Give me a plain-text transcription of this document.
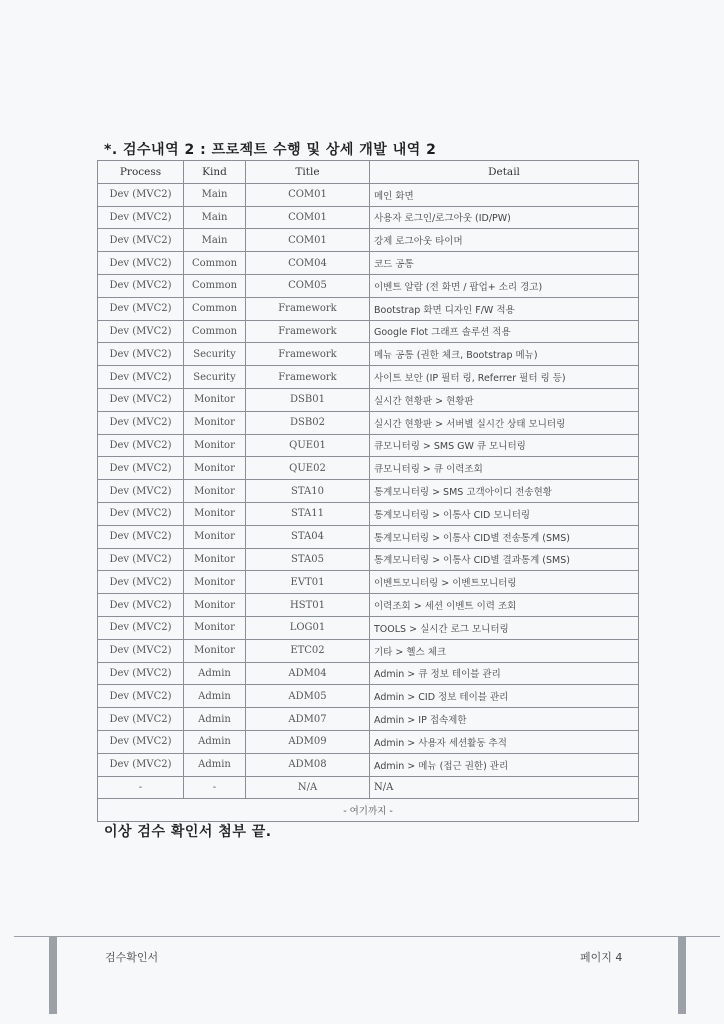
*. 검수내역 2 : 프로젝트 수행 및 상세 개발 내역 2
Process	Kind	Title	Detail
Dev (MVC2)	Main	COM01	메인 화면
Dev (MVC2)	Main	COM01	사용자 로그인/로그아웃 (ID/PW)
Dev (MVC2)	Main	COM01	강제 로그아웃 타이머
Dev (MVC2)	Common	COM04	코드 공통
Dev (MVC2)	Common	COM05	이벤트 알람 (전 화면 / 팝업+ 소리 경고)
Dev (MVC2)	Common	Framework	Bootstrap 화면 디자인 F/W 적용
Dev (MVC2)	Common	Framework	Google Flot 그래프 솔루션 적용
Dev (MVC2)	Security	Framework	메뉴 공통 (권한 체크, Bootstrap 메뉴)
Dev (MVC2)	Security	Framework	사이트 보안 (IP 필터 링, Referrer 필터 링 등)
Dev (MVC2)	Monitor	DSB01	실시간 현황판 > 현황판
Dev (MVC2)	Monitor	DSB02	실시간 현황판 > 서버별 실시간 상태 모니터링
Dev (MVC2)	Monitor	QUE01	큐모니터링 > SMS GW 큐 모니터링
Dev (MVC2)	Monitor	QUE02	큐모니터링 > 큐 이력조회
Dev (MVC2)	Monitor	STA10	통계모니터링 > SMS 고객아이디 전송현황
Dev (MVC2)	Monitor	STA11	통계모니터링 > 이통사 CID 모니터링
Dev (MVC2)	Monitor	STA04	통계모니터링 > 이통사 CID별 전송통계 (SMS)
Dev (MVC2)	Monitor	STA05	통계모니터링 > 이통사 CID별 결과통계 (SMS)
Dev (MVC2)	Monitor	EVT01	이벤트모니터링 > 이벤트모니터링
Dev (MVC2)	Monitor	HST01	이력조회 > 세션 이벤트 이력 조회
Dev (MVC2)	Monitor	LOG01	TOOLS > 실시간 로그 모니터링
Dev (MVC2)	Monitor	ETC02	기타 > 헬스 체크
Dev (MVC2)	Admin	ADM04	Admin > 큐 정보 테이블 관리
Dev (MVC2)	Admin	ADM05	Admin > CID 정보 테이블 관리
Dev (MVC2)	Admin	ADM07	Admin > IP 접속제한
Dev (MVC2)	Admin	ADM09	Admin > 사용자 세션활동 추적
Dev (MVC2)	Admin	ADM08	Admin > 메뉴 (접근 권한) 관리
-	-	N/A	N/A
- 여기까지 -			
이상 검수 확인서 첨부 끝.
검수확인서	페이지 4
